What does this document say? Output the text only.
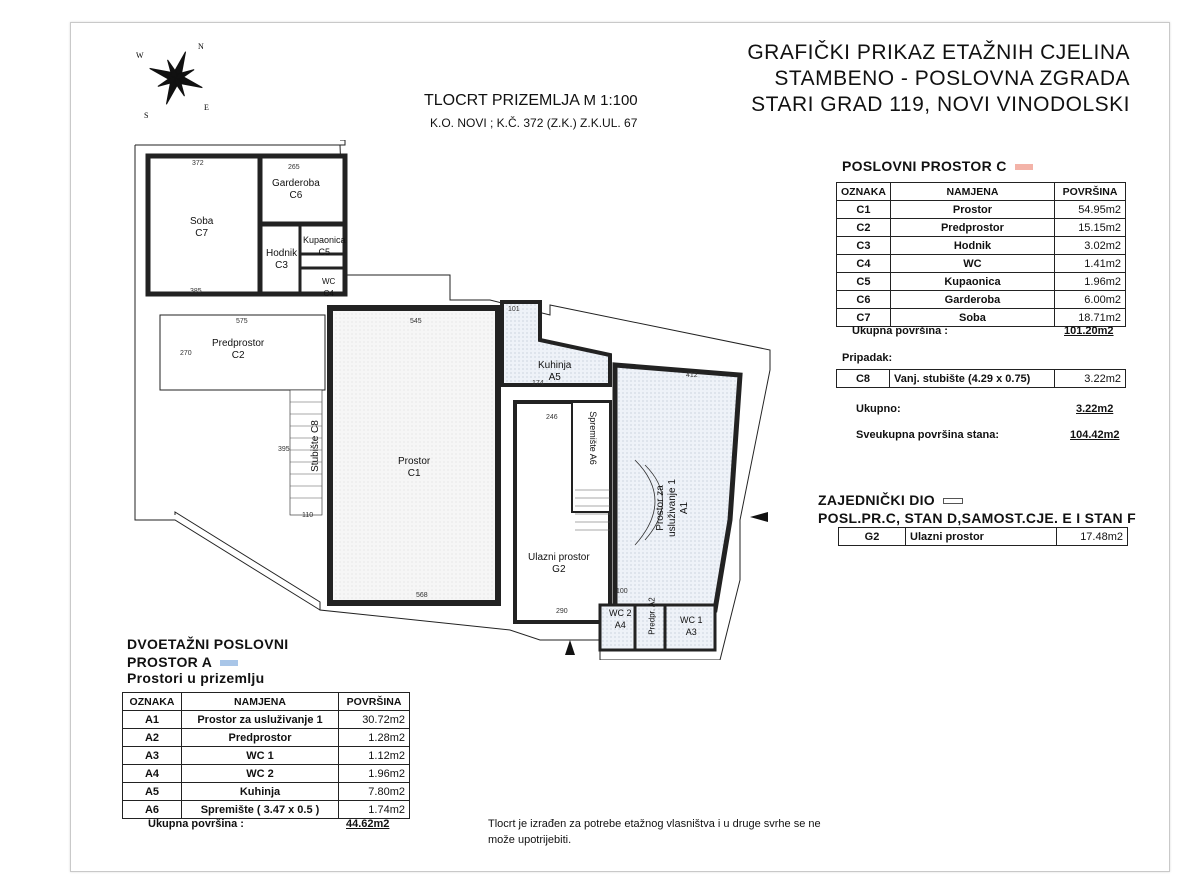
GRAFIČKI PRIKAZ ETAŽNIH CJELINA
STAMBENO - POSLOVNA ZGRADA
STARI GRAD 119, NOVI VINODOLSKI
TLOCRT PRIZEMLJA M 1:100
K.O. NOVI ; K.Č. 372 (Z.K.) Z.K.UL. 67
N
E
S
W
Soba
C7
Garderoba
C6
Kupaonica
C5
Hodnik
C3
WC
C4
Predprostor
C2
Stubište C8
Prostor
C1
Kuhinja
A5
Spremište A6
Ulazni prostor
G2
Prostor za usluživanje 1 A1
WC 2
A4	Predpr. A2
WC 1
A3
372
265
385
575
270
545
101
174
412
246
395
568
110
290
100
POSLOVNI PROSTOR C
OZNAKA	NAMJENA	POVRŠINA
C1	Prostor	54.95m2
C2	Predprostor	15.15m2
C3	Hodnik	3.02m2
C4	WC	1.41m2
C5	Kupaonica	1.96m2
C6	Garderoba	6.00m2
C7	Soba	18.71m2
Ukupna površina :	101.20m2
Pripadak:
C8	Vanj. stubište (4.29 x 0.75)	3.22m2
Ukupno:	3.22m2
Sveukupna površina stana:	104.42m2
ZAJEDNIČKI DIO
POSL.PR.C, STAN D,SAMOST.CJE. E I STAN F
G2	Ulazni prostor	17.48m2
DVOETAŽNI POSLOVNI
PROSTOR A
Prostori u prizemlju
OZNAKA	NAMJENA	POVRŠINA
A1	Prostor za usluživanje 1	30.72m2
A2	Predprostor	1.28m2
A3	WC 1	1.12m2
A4	WC 2	1.96m2
A5	Kuhinja	7.80m2
A6	Spremište ( 3.47 x 0.5 )	1.74m2
Ukupna površina :	44.62m2	Tlocrt je izrađen za potrebe etažnog vlasništva i u druge svrhe se ne može upotrijebiti.
